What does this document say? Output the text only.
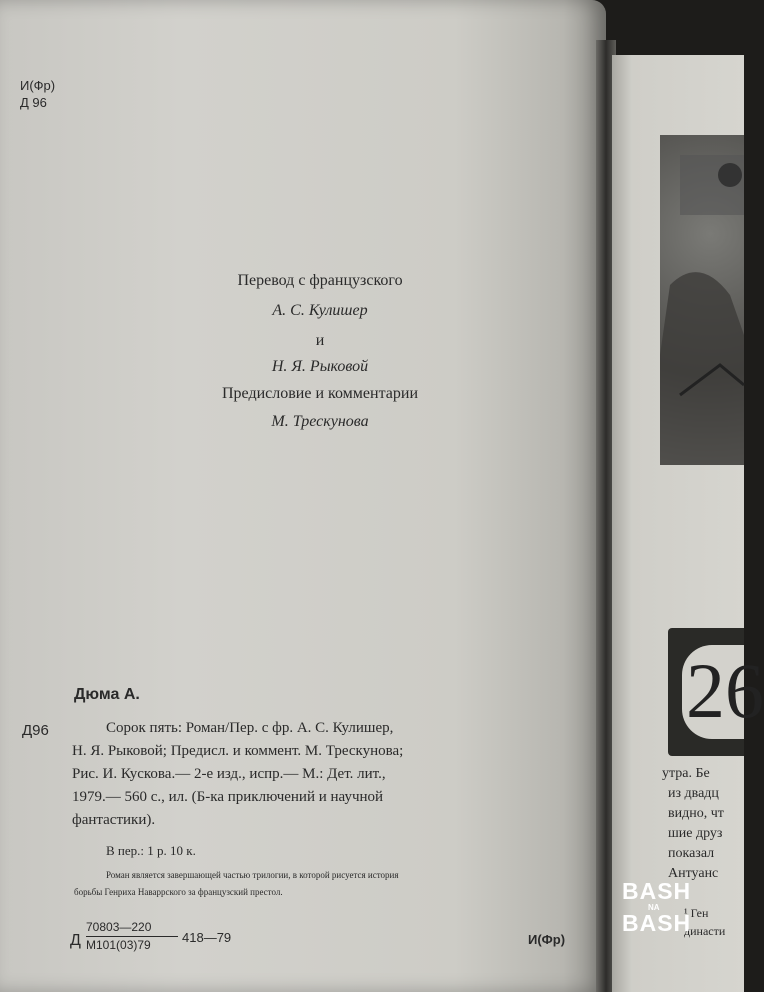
И(Фр)
Д 96
Перевод с французского
А. С. Кулишер
и
Н. Я. Рыковой
Предисловие и комментарии
М. Трескунова
Дюма А.
Д96	Сорок пять: Роман/Пер. с фр. А. С. Кулишер,
Н. Я. Рыковой; Предисл. и коммент. М. Трескунова;
Рис. И. Кускова.— 2-е изд., испр.— М.: Дет. лит.,
1979.— 560 с., ил. (Б-ка приключений и научной
фантастики).
В пер.: 1 р. 10 к.
Роман является завершающей частью трилогии, в которой рисуется история
борьбы Генриха Наваррского за французский престол.
Д
70803—220
М101(03)79 418—79	И(Фр)
26
утра. Бе
из двадц
видно, чт
шие друз
показал
Антуанс
¹ Ген
династи
BASH
NA
BASH
